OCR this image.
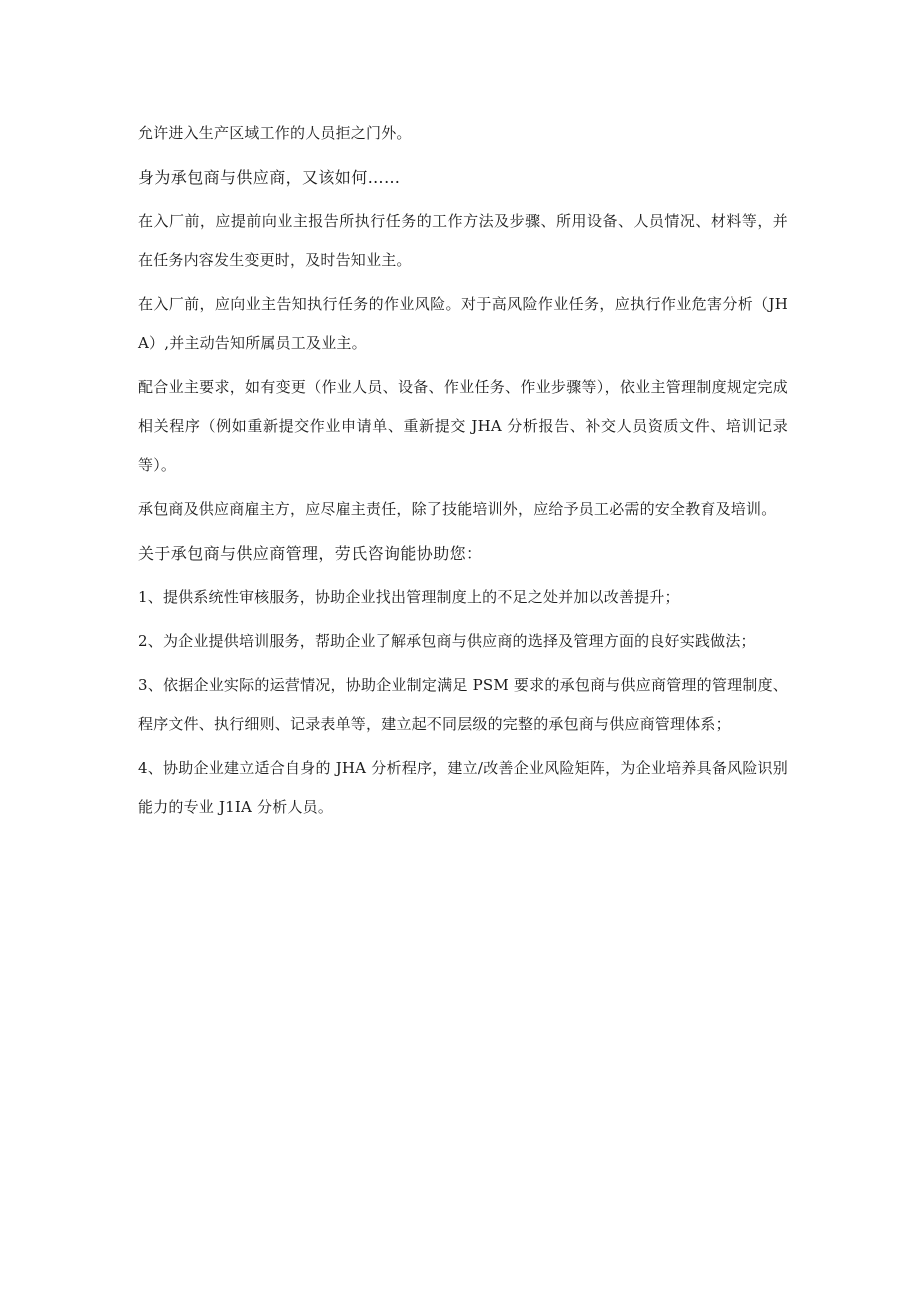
允许进入生产区域工作的人员拒之门外。

身为承包商与供应商，又该如何……

在入厂前，应提前向业主报告所执行任务的工作方法及步骤、所用设备、人员情况、材料等，并在任务内容发生变更时，及时告知业主。

在入厂前，应向业主告知执行任务的作业风险。对于高风险作业任务，应执行作业危害分析（JHA）,并主动告知所属员工及业主。

配合业主要求，如有变更（作业人员、设备、作业任务、作业步骤等），依业主管理制度规定完成相关程序（例如重新提交作业申请单、重新提交 JHA 分析报告、补交人员资质文件、培训记录等）。

承包商及供应商雇主方，应尽雇主责任，除了技能培训外，应给予员工必需的安全教育及培训。

关于承包商与供应商管理，劳氏咨询能协助您：

1、提供系统性审核服务，协助企业找出管理制度上的不足之处并加以改善提升；

2、为企业提供培训服务，帮助企业了解承包商与供应商的选择及管理方面的良好实践做法；

3、依据企业实际的运营情况，协助企业制定满足 PSM 要求的承包商与供应商管理的管理制度、程序文件、执行细则、记录表单等，建立起不同层级的完整的承包商与供应商管理体系；

4、协助企业建立适合自身的 JHA 分析程序，建立/改善企业风险矩阵，为企业培养具备风险识别能力的专业 J1IA 分析人员。
